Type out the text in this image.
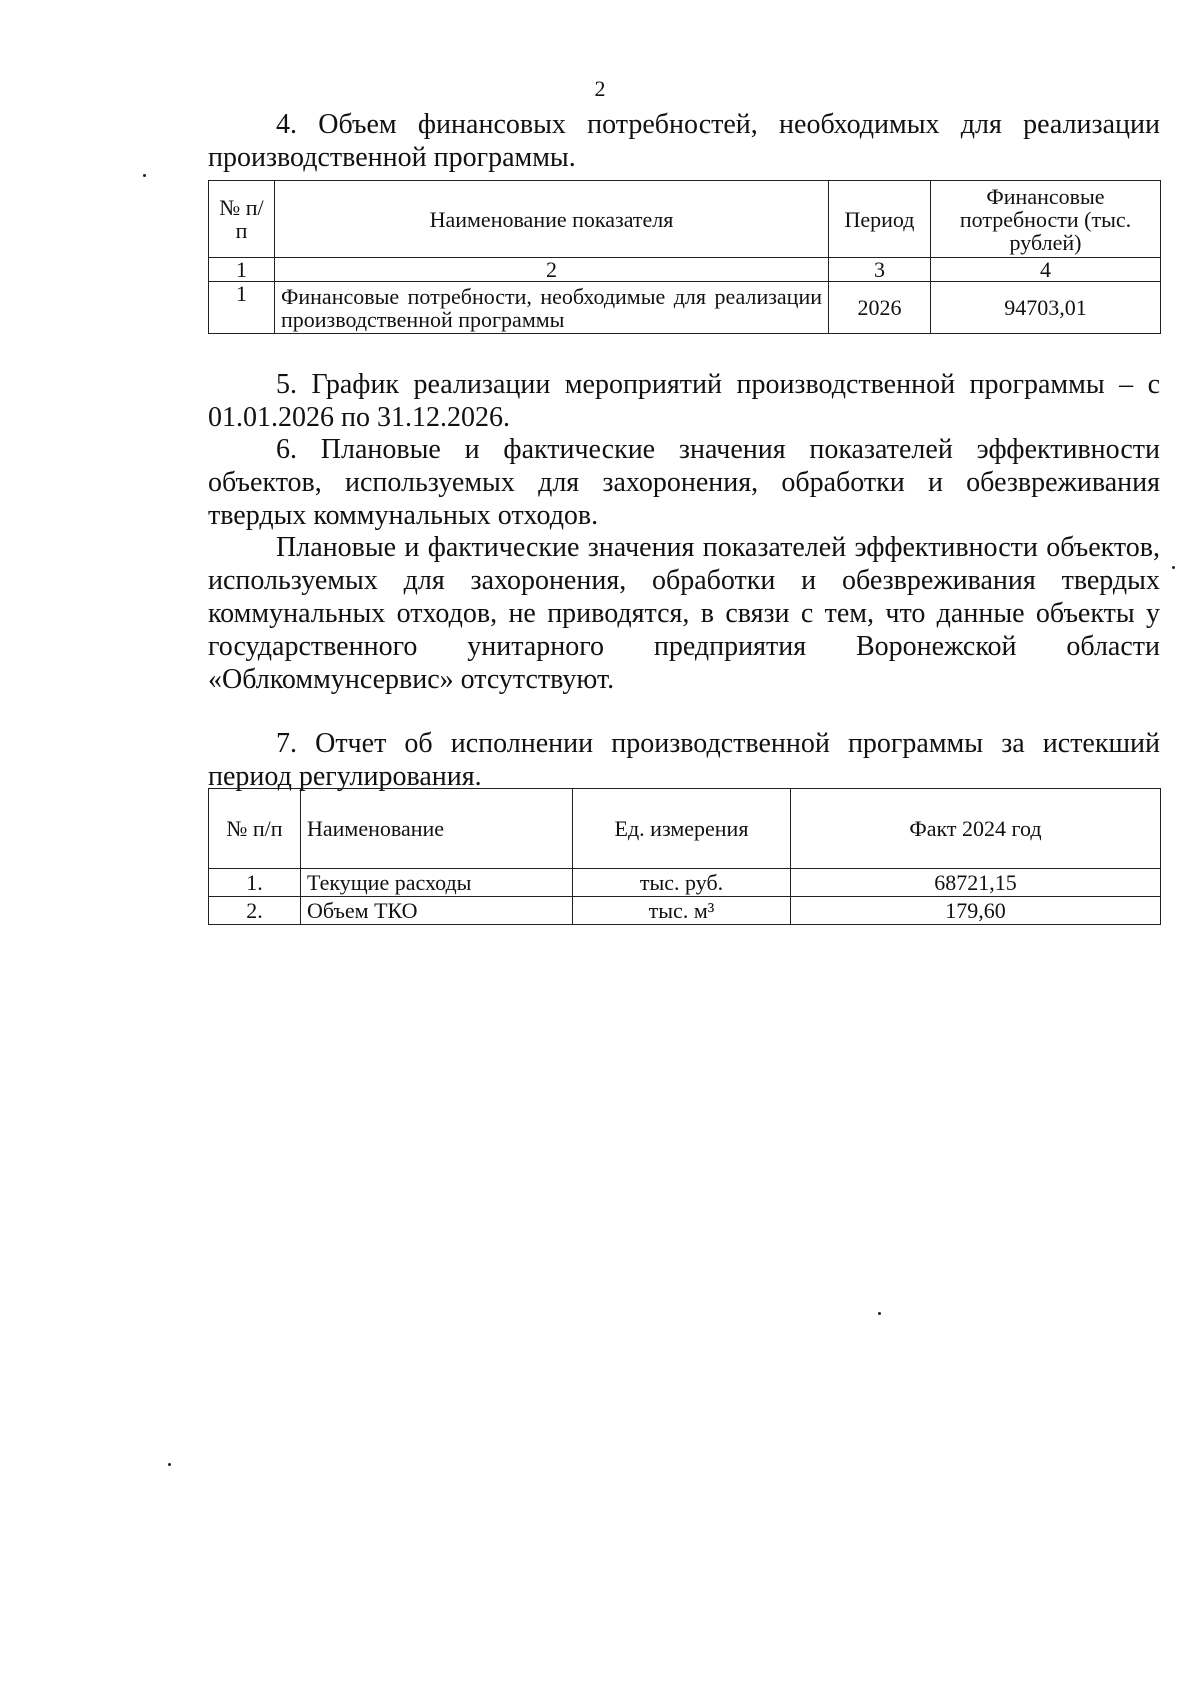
2

4. Объем финансовых потребностей, необходимых для реализации производственной программы.

№ п/п	Наименование показателя	Период	Финансовые потребности (тыс. рублей)
1	2	3	4
1	Финансовые потребности, необходимые для реализации производственной программы	2026	94703,01

5. График реализации мероприятий производственной программы – с 01.01.2026 по 31.12.2026.

6. Плановые и фактические значения показателей эффективности объектов, используемых для захоронения, обработки и обезвреживания твердых коммунальных отходов.

Плановые и фактические значения показателей эффективности объектов, используемых для захоронения, обработки и обезвреживания твердых коммунальных отходов, не приводятся, в связи с тем, что данные объекты у государственного унитарного предприятия Воронежской области «Облкоммунсервис» отсутствуют.

7. Отчет об исполнении производственной программы за истекший период регулирования.

№ п/п	Наименование	Ед. измерения	Факт 2024 год
1.	Текущие расходы	тыс. руб.	68721,15
2.	Объем ТКО	тыс. м³	179,60
